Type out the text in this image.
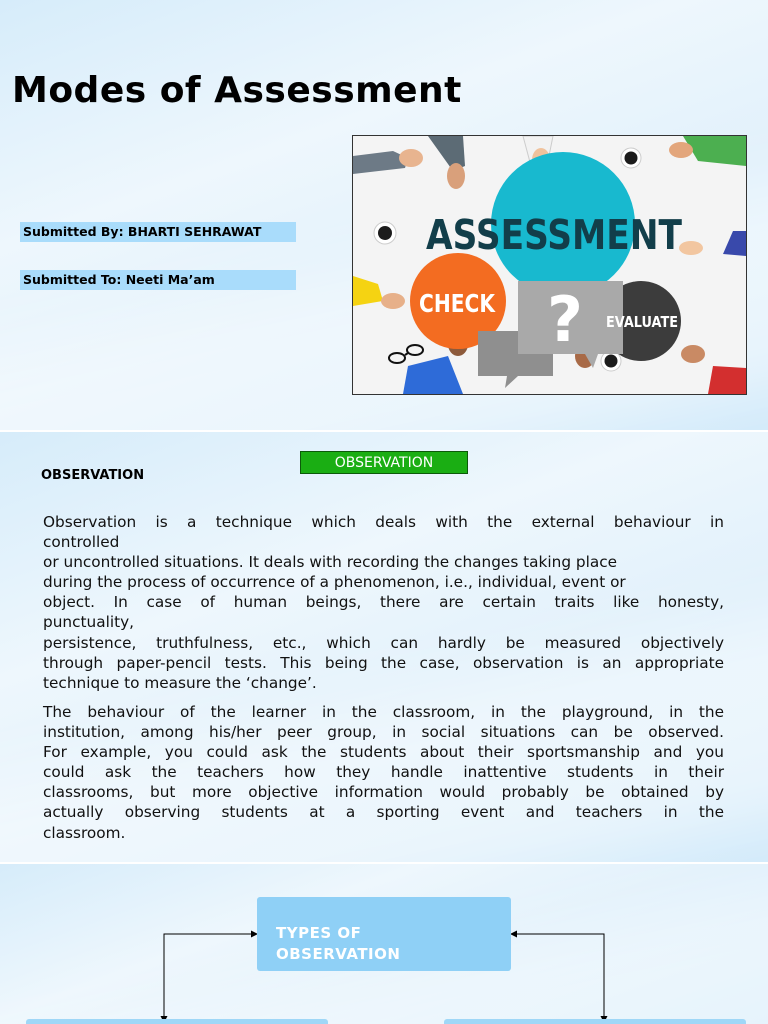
Modes of Assessment
Submitted By: BHARTI SEHRAWAT
Submitted To: Neeti Ma’am
?
ASSESSMENT
CHECK
EVALUATE
OBSERVATION
OBSERVATION

Observation is a technique which deals with the external behaviour in
controlled
or uncontrolled situations. It deals with recording the changes taking place
during the process of occurrence of a phenomenon, i.e., individual, event or
object. In case of human beings, there are certain traits like honesty,
punctuality,
persistence, truthfulness, etc., which can hardly be measured objectively
through paper-pencil tests. This being the case, observation is an appropriate
technique to measure the ‘change’.

The behaviour of the learner in the classroom, in the playground, in the
institution, among his/her peer group, in social situations can be observed.
For example, you could ask the students about their sportsmanship and you
could ask the teachers how they handle inattentive students in their
classrooms, but more objective information would probably be obtained by
actually observing students at a sporting event and teachers in the
classroom.

TYPES OF
OBSERVATION
